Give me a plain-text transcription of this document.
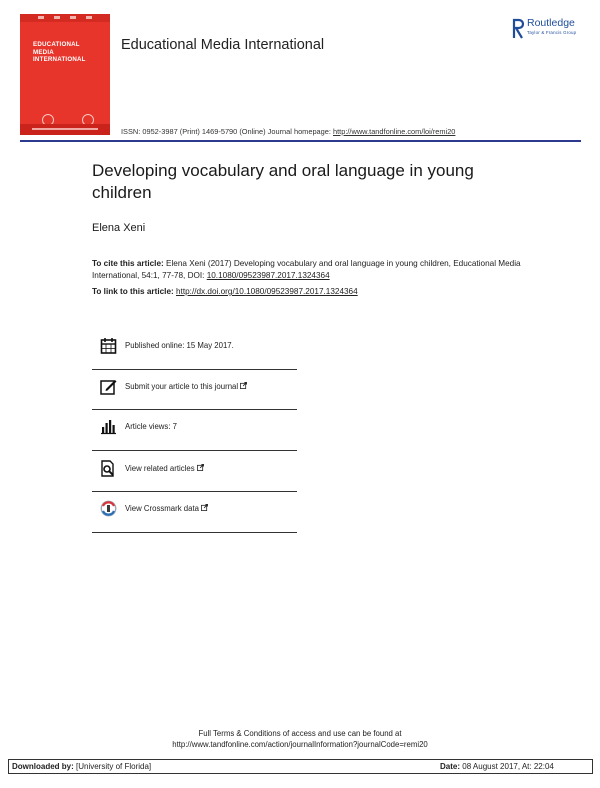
EDUCATIONAL
MEDIA
INTERNATIONAL
Educational Media International
ISSN: 0952-3987 (Print) 1469-5790 (Online) Journal homepage: http://www.tandfonline.com/loi/remi20
Routledge
Taylor & Francis Group
Developing vocabulary and oral language in young children
Elena Xeni
To cite this article: Elena Xeni (2017) Developing vocabulary and oral language in young children, Educational Media International, 54:1, 77-78, DOI: 10.1080/09523987.2017.1324364
To link to this article: http://dx.doi.org/10.1080/09523987.2017.1324364
Published online: 15 May 2017.
Submit your article to this journal
Article views: 7
View related articles
View Crossmark data
Full Terms & Conditions of access and use can be found at
http://www.tandfonline.com/action/journalInformation?journalCode=remi20
Downloaded by: [University of Florida]	Date: 08 August 2017, At: 22:04
